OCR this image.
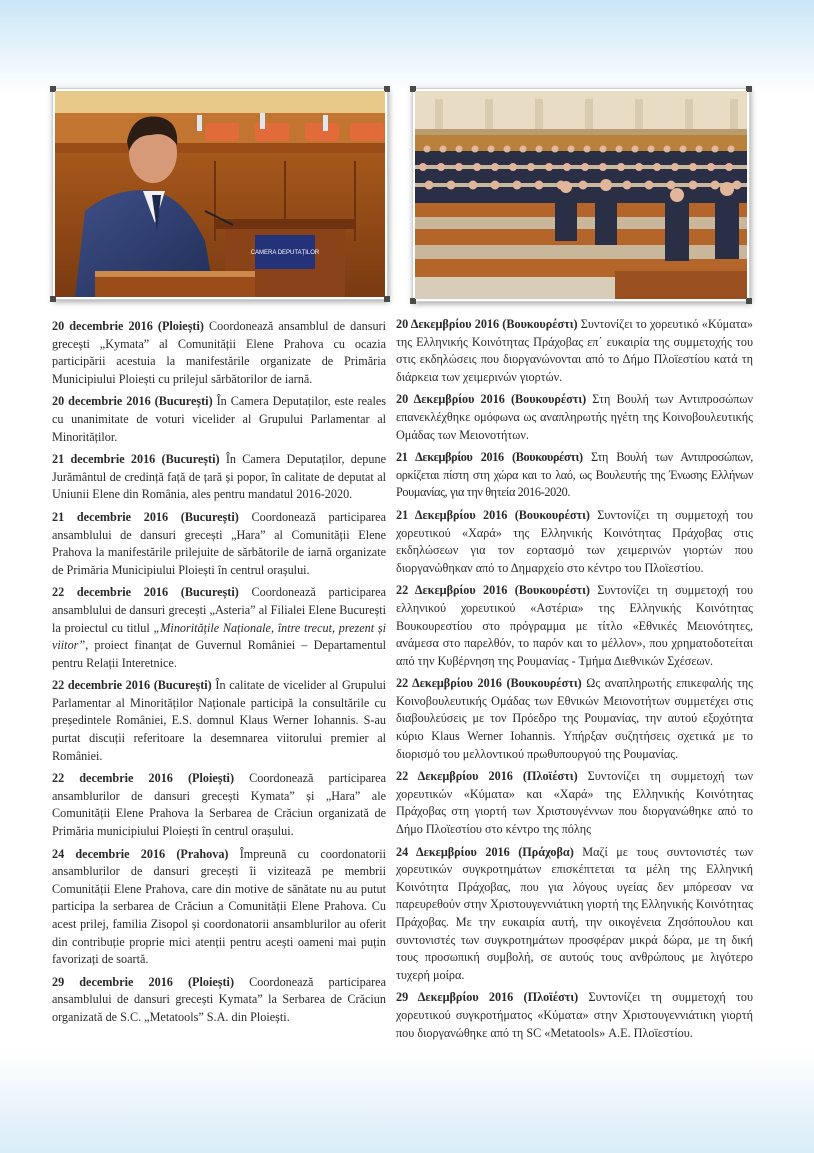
CAMERA DEPUTAȚILOR

20 decembrie 2016 (Ploiești) Coordonează ansamblul de dansuri grecești „Kymata” al Comunității Elene Prahova cu ocazia participării acestuia la manifestările organizate de Primăria Municipiului Ploiești cu prilejul sărbătorilor de iarnă.

20 decembrie 2016 (București) În Camera Deputaților, este reales cu unanimitate de voturi vicelider al Grupului Parlamentar al Minorităților.

21 decembrie 2016 (București) În Camera Deputaților, depune Jurământul de credință față de țară și popor, în calitate de deputat al Uniunii Elene din România, ales pentru mandatul 2016-2020.

21 decembrie 2016 (București) Coordonează participarea ansamblului de dansuri grecești „Hara” al Comunității Elene Prahova la manifestările prilejuite de sărbătorile de iarnă organizate de Primăria Municipiului Ploiești în centrul orașului.

22 decembrie 2016 (București) Coordonează participarea ansamblului de dansuri grecești „Asteria” al Filialei Elene București la proiectul cu titlul „Minoritățile Naționale, între trecut, prezent și viitor”, proiect finanțat de Guvernul României – Departamentul pentru Relații Interetnice.

22 decembrie 2016 (București) În calitate de vicelider al Grupului Parlamentar al Minorităților Naționale participă la consultările cu președintele României, E.S. domnul Klaus Werner Iohannis. S-au purtat discuții referitoare la desemnarea viitorului premier al României.

22 decembrie 2016 (Ploiești) Coordonează participarea ansamblurilor de dansuri grecești Kymata” și „Hara” ale Comunității Elene Prahova la Serbarea de Crăciun organizată de Primăria municipiului Ploiești în centrul orașului.

24 decembrie 2016 (Prahova) Împreună cu coordonatorii ansamblurilor de dansuri grecești îi vizitează pe membrii Comunității Elene Prahova, care din motive de sănătate nu au putut participa la serbarea de Crăciun a Comunității Elene Prahova. Cu acest prilej, familia Zisopol și coordonatorii ansamblurilor au oferit din contribuție proprie mici atenții pentru acești oameni mai puțin favorizați de soartă.

29 decembrie 2016 (Ploiești) Coordonează participarea ansamblului de dansuri grecești Kymata” la Serbarea de Crăciun organizată de S.C. „Metatools” S.A. din Ploiești.

20 Δεκεμβρίου 2016 (Βουκουρέστι) Συντονίζει το χορευτικό «Κύματα» της Ελληνικής Κοινότητας Πράχοβας επ΄ ευκαιρία της συμμετοχής του στις εκδηλώσεις που διοργανώνονται από το Δήμο Πλοϊεστίου κατά τη διάρκεια των χειμερινών γιορτών.

20 Δεκεμβρίου 2016 (Βουκουρέστι) Στη Βουλή των Αντιπροσώπων επανεκλέχθηκε ομόφωνα ως αναπληρωτής ηγέτη της Κοινοβουλευτικής Ομάδας των Μειονοτήτων.

21 Δεκεμβρίου 2016 (Βουκουρέστι) Στη Βουλή των Αντιπροσώπων, ορκίζεται πίστη στη χώρα και το λαό, ως Βουλευτής της Ένωσης Ελλήνων Ρουμανίας, για την θητεία 2016-2020.

21 Δεκεμβρίου 2016 (Βουκουρέστι) Συντονίζει τη συμμετοχή του χορευτικού «Χαρά» της Ελληνικής Κοινότητας Πράχοβας στις εκδηλώσεων για τον εορτασμό των χειμερινών γιορτών που διοργανώθηκαν από το Δημαρχείο στο κέντρο του Πλοϊεστίου.

22 Δεκεμβρίου 2016 (Βουκουρέστι) Συντονίζει τη συμμετοχή του ελληνικού χορευτικού «Αστέρια» της Ελληνικής Κοινότητας Βουκουρεστίου στο πρόγραμμα με τίτλο «Εθνικές Μειονότητες, ανάμεσα στο παρελθόν, το παρόν και το μέλλον», που χρηματοδοτείται από την Κυβέρνηση της Ρουμανίας - Τμήμα Διεθνικών Σχέσεων.

22 Δεκεμβρίου 2016 (Βουκουρέστι) Ως αναπληρωτής επικεφαλής της Κοινοβουλευτικής Ομάδας των Εθνικών Μειονοτήτων συμμετέχει στις διαβουλεύσεις με τον Πρόεδρο της Ρουμανίας, την αυτού εξοχότητα κύριο Klaus Werner Iohannis. Υπήρξαν συζητήσεις σχετικά με το διορισμό του μελλοντικού πρωθυπουργού της Ρουμανίας.

22 Δεκεμβρίου 2016 (Πλοϊέστι) Συντονίζει τη συμμετοχή των χορευτικών «Κύματα» και «Χαρά» της Ελληνικής Κοινότητας Πράχοβας στη γιορτή των Χριστουγέννων που διοργανώθηκε από το Δήμο Πλοϊεστίου στο κέντρο της πόλης

24 Δεκεμβρίου 2016 (Πράχοβα) Μαζί με τους συντονιστές των χορευτικών συγκροτημάτων επισκέπτεται τα μέλη της Ελληνική Κοινότητα Πράχοβας, που για λόγους υγείας δεν μπόρεσαν να παρευρεθούν στην Χριστουγεννιάτικη γιορτή της Ελληνικής Κοινότητας Πράχοβας. Με την ευκαιρία αυτή, την οικογένεια Ζησόπουλου και συντονιστές των συγκροτημάτων προσφέραν μικρά δώρα, με τη δική τους προσωπική συμβολή, σε αυτούς τους ανθρώπους με λιγότερο τυχερή μοίρα.

29 Δεκεμβρίου 2016 (Πλοϊέστι) Συντονίζει τη συμμετοχή του χορευτικού συγκροτήματος «Κύματα» στην Χριστουγεννιάτικη γιορτή που διοργανώθηκε από τη SC «Metatools» Α.Ε. Πλοϊεστίου.
